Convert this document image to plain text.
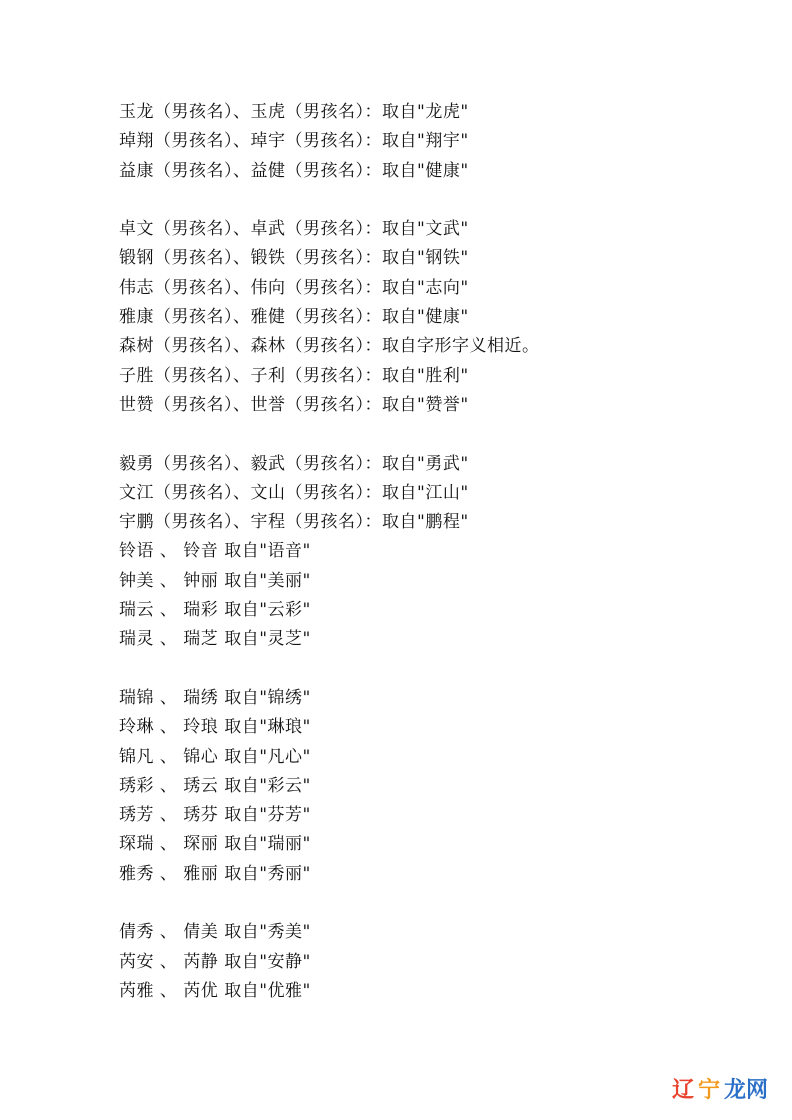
玉龙（男孩名）、玉虎（男孩名）：取自"龙虎"
琸翔（男孩名）、琸宇（男孩名）：取自"翔宇"
益康（男孩名）、益健（男孩名）：取自"健康"
卓文（男孩名）、卓武（男孩名）：取自"文武"
锻钢（男孩名）、锻铁（男孩名）：取自"钢铁"
伟志（男孩名）、伟向（男孩名）：取自"志向"
雅康（男孩名）、雅健（男孩名）：取自"健康"
森树（男孩名）、森林（男孩名）：取自字形字义相近。
子胜（男孩名）、子利（男孩名）：取自"胜利"
世赞（男孩名）、世誉（男孩名）：取自"赞誉"
毅勇（男孩名）、毅武（男孩名）：取自"勇武"
文江（男孩名）、文山（男孩名）：取自"江山"
宇鹏（男孩名）、宇程（男孩名）：取自"鹏程"
铃语 、 铃音 取自"语音"
钟美 、 钟丽 取自"美丽"
瑞云 、 瑞彩 取自"云彩"
瑞灵 、 瑞芝 取自"灵芝"
瑞锦 、 瑞绣 取自"锦绣"
玲琳 、 玲琅 取自"琳琅"
锦凡 、 锦心 取自"凡心"
琇彩 、 琇云 取自"彩云"
琇芳 、 琇芬 取自"芬芳"
琛瑞 、 琛丽 取自"瑞丽"
雅秀 、 雅丽 取自"秀丽"
倩秀 、 倩美 取自"秀美"
芮安 、 芮静 取自"安静"
芮雅 、 芮优 取自"优雅"
辽 宁 龙网
